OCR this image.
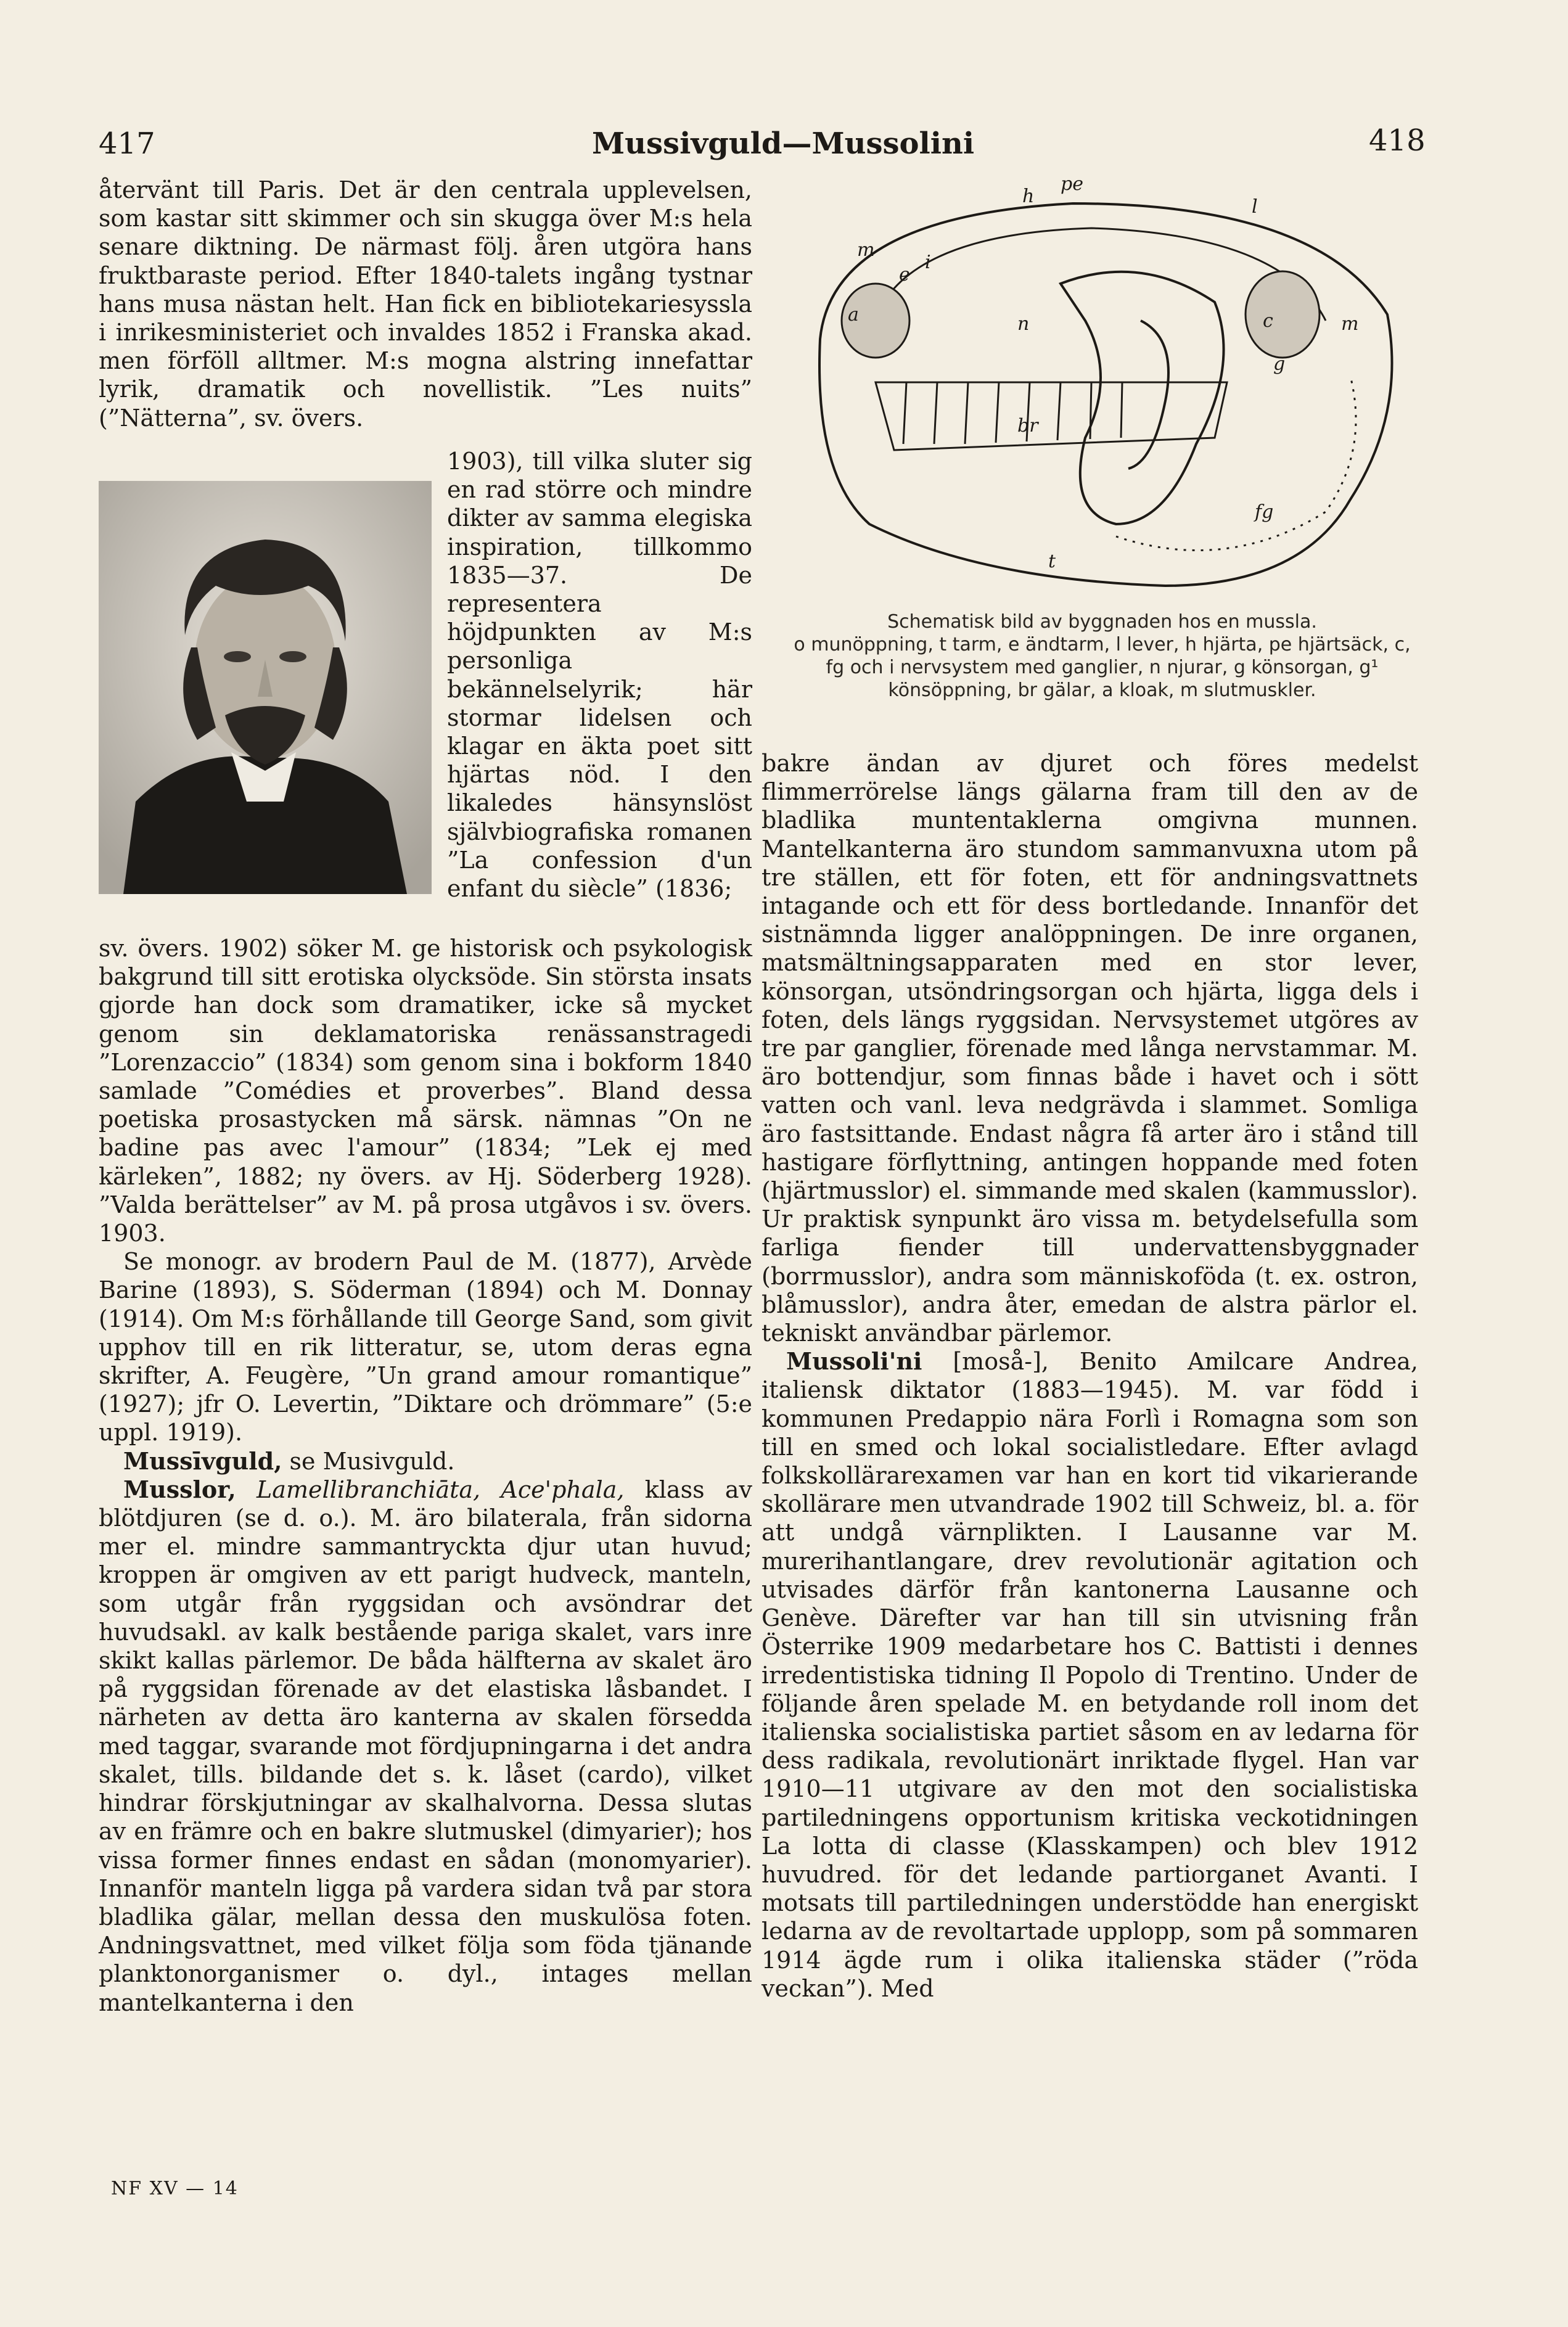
417	Mussivguld—Mussolini	418

återvänt till Paris. Det är den centrala upplevelsen, som kastar sitt skimmer och sin skugga över M:s hela senare diktning. De närmast följ. åren utgöra hans fruktbaraste period. Efter 1840-talets ingång tystnar hans musa nästan helt. Han fick en bibliotekariesyssla i inrikesministeriet och invaldes 1852 i Franska akad. men förföll alltmer. M:s mogna alstring innefattar lyrik, dramatik och novellistik. ”Les nuits” (”Nätterna”, sv. övers.

1903), till vilka sluter sig en rad större och mindre dikter av samma elegiska inspiration, tillkommo 1835—37. De representera höjdpunkten av M:s personliga bekännelselyrik; här stormar lidelsen och klagar en äkta poet sitt hjärtas nöd. I den likaledes hänsynslöst självbiografiska romanen ”La confession d'un enfant du siècle” (1836;

sv. övers. 1902) söker M. ge historisk och psykologisk bakgrund till sitt erotiska olycksöde. Sin största insats gjorde han dock som dramatiker, icke så mycket genom sin deklamatoriska renässanstragedi ”Lorenzaccio” (1834) som genom sina i bokform 1840 samlade ”Comédies et proverbes”. Bland dessa poetiska prosastycken må särsk. nämnas ”On ne badine pas avec l'amour” (1834; ”Lek ej med kärleken”, 1882; ny övers. av Hj. Söderberg 1928). ”Valda berättelser” av M. på prosa utgåvos i sv. övers. 1903.

Se monogr. av brodern Paul de M. (1877), Arvède Barine (1893), S. Söderman (1894) och M. Donnay (1914). Om M:s förhållande till George Sand, som givit upphov till en rik litteratur, se, utom deras egna skrifter, A. Feugère, ”Un grand amour romantique” (1927); jfr O. Levertin, ”Diktare och drömmare” (5:e uppl. 1919).

Mussīvguld, se Musivguld.

Musslor, Lamellibranchiāta, Ace'phala, klass av blötdjuren (se d. o.). M. äro bilaterala, från sidorna mer el. mindre sammantryckta djur utan huvud; kroppen är omgiven av ett parigt hudveck, manteln, som utgår från ryggsidan och avsöndrar det huvudsakl. av kalk bestående pariga skalet, vars inre skikt kallas pärlemor. De båda hälfterna av skalet äro på ryggsidan förenade av det elastiska låsbandet. I närheten av detta äro kanterna av skalen försedda med taggar, svarande mot fördjupningarna i det andra skalet, tills. bildande det s. k. låset (cardo), vilket hindrar förskjutningar av skalhalvorna. Dessa slutas av en främre och en bakre slutmuskel (dimyarier); hos vissa former finnes endast en sådan (monomyarier). Innanför manteln ligga på vardera sidan två par stora bladlika gälar, mellan dessa den muskulösa foten. Andningsvattnet, med vilket följa som föda tjänande planktonorganismer o. dyl., intages mellan mantelkanterna i den

h
pe
l
m
e
i
a	n	c
m
g
br
fg
t
Schematisk bild av byggnaden hos en mussla.
o munöppning, t tarm, e ändtarm, l lever, h hjärta, pe hjärtsäck, c, fg och i nervsystem med ganglier, n njurar, g könsorgan, g¹ könsöppning, br gälar, a kloak, m slutmuskler.

bakre ändan av djuret och föres medelst flimmerrörelse längs gälarna fram till den av de bladlika muntentaklerna omgivna munnen. Mantelkanterna äro stundom sammanvuxna utom på tre ställen, ett för foten, ett för andningsvattnets intagande och ett för dess bortledande. Innanför det sistnämnda ligger analöppningen. De inre organen, matsmältningsapparaten med en stor lever, könsorgan, utsöndringsorgan och hjärta, ligga dels i foten, dels längs ryggsidan. Nervsystemet utgöres av tre par ganglier, förenade med långa nervstammar. M. äro bottendjur, som finnas både i havet och i sött vatten och vanl. leva nedgrävda i slammet. Somliga äro fastsittande. Endast några få arter äro i stånd till hastigare förflyttning, antingen hoppande med foten (hjärtmusslor) el. simmande med skalen (kammusslor). Ur praktisk synpunkt äro vissa m. betydelsefulla som farliga fiender till undervattensbyggnader (borrmusslor), andra som människoföda (t. ex. ostron, blåmusslor), andra åter, emedan de alstra pärlor el. tekniskt användbar pärlemor.

Mussoli'ni [moså-], Benito Amilcare Andrea, italiensk diktator (1883—1945). M. var född i kommunen Predappio nära Forlì i Romagna som son till en smed och lokal socialistledare. Efter avlagd folkskollärarexamen var han en kort tid vikarierande skollärare men utvandrade 1902 till Schweiz, bl. a. för att undgå värnplikten. I Lausanne var M. murerihantlangare, drev revolutionär agitation och utvisades därför från kantonerna Lausanne och Genève. Därefter var han till sin utvisning från Österrike 1909 medarbetare hos C. Battisti i dennes irredentistiska tidning Il Popolo di Trentino. Under de följande åren spelade M. en betydande roll inom det italienska socialistiska partiet såsom en av ledarna för dess radikala, revolutionärt inriktade flygel. Han var 1910—11 utgivare av den mot den socialistiska partiledningens opportunism kritiska veckotidningen La lotta di classe (Klasskampen) och blev 1912 huvudred. för det ledande partiorganet Avanti. I motsats till partiledningen understödde han energiskt ledarna av de revoltartade upplopp, som på sommaren 1914 ägde rum i olika italienska städer (”röda veckan”). Med

NF XV — 14
